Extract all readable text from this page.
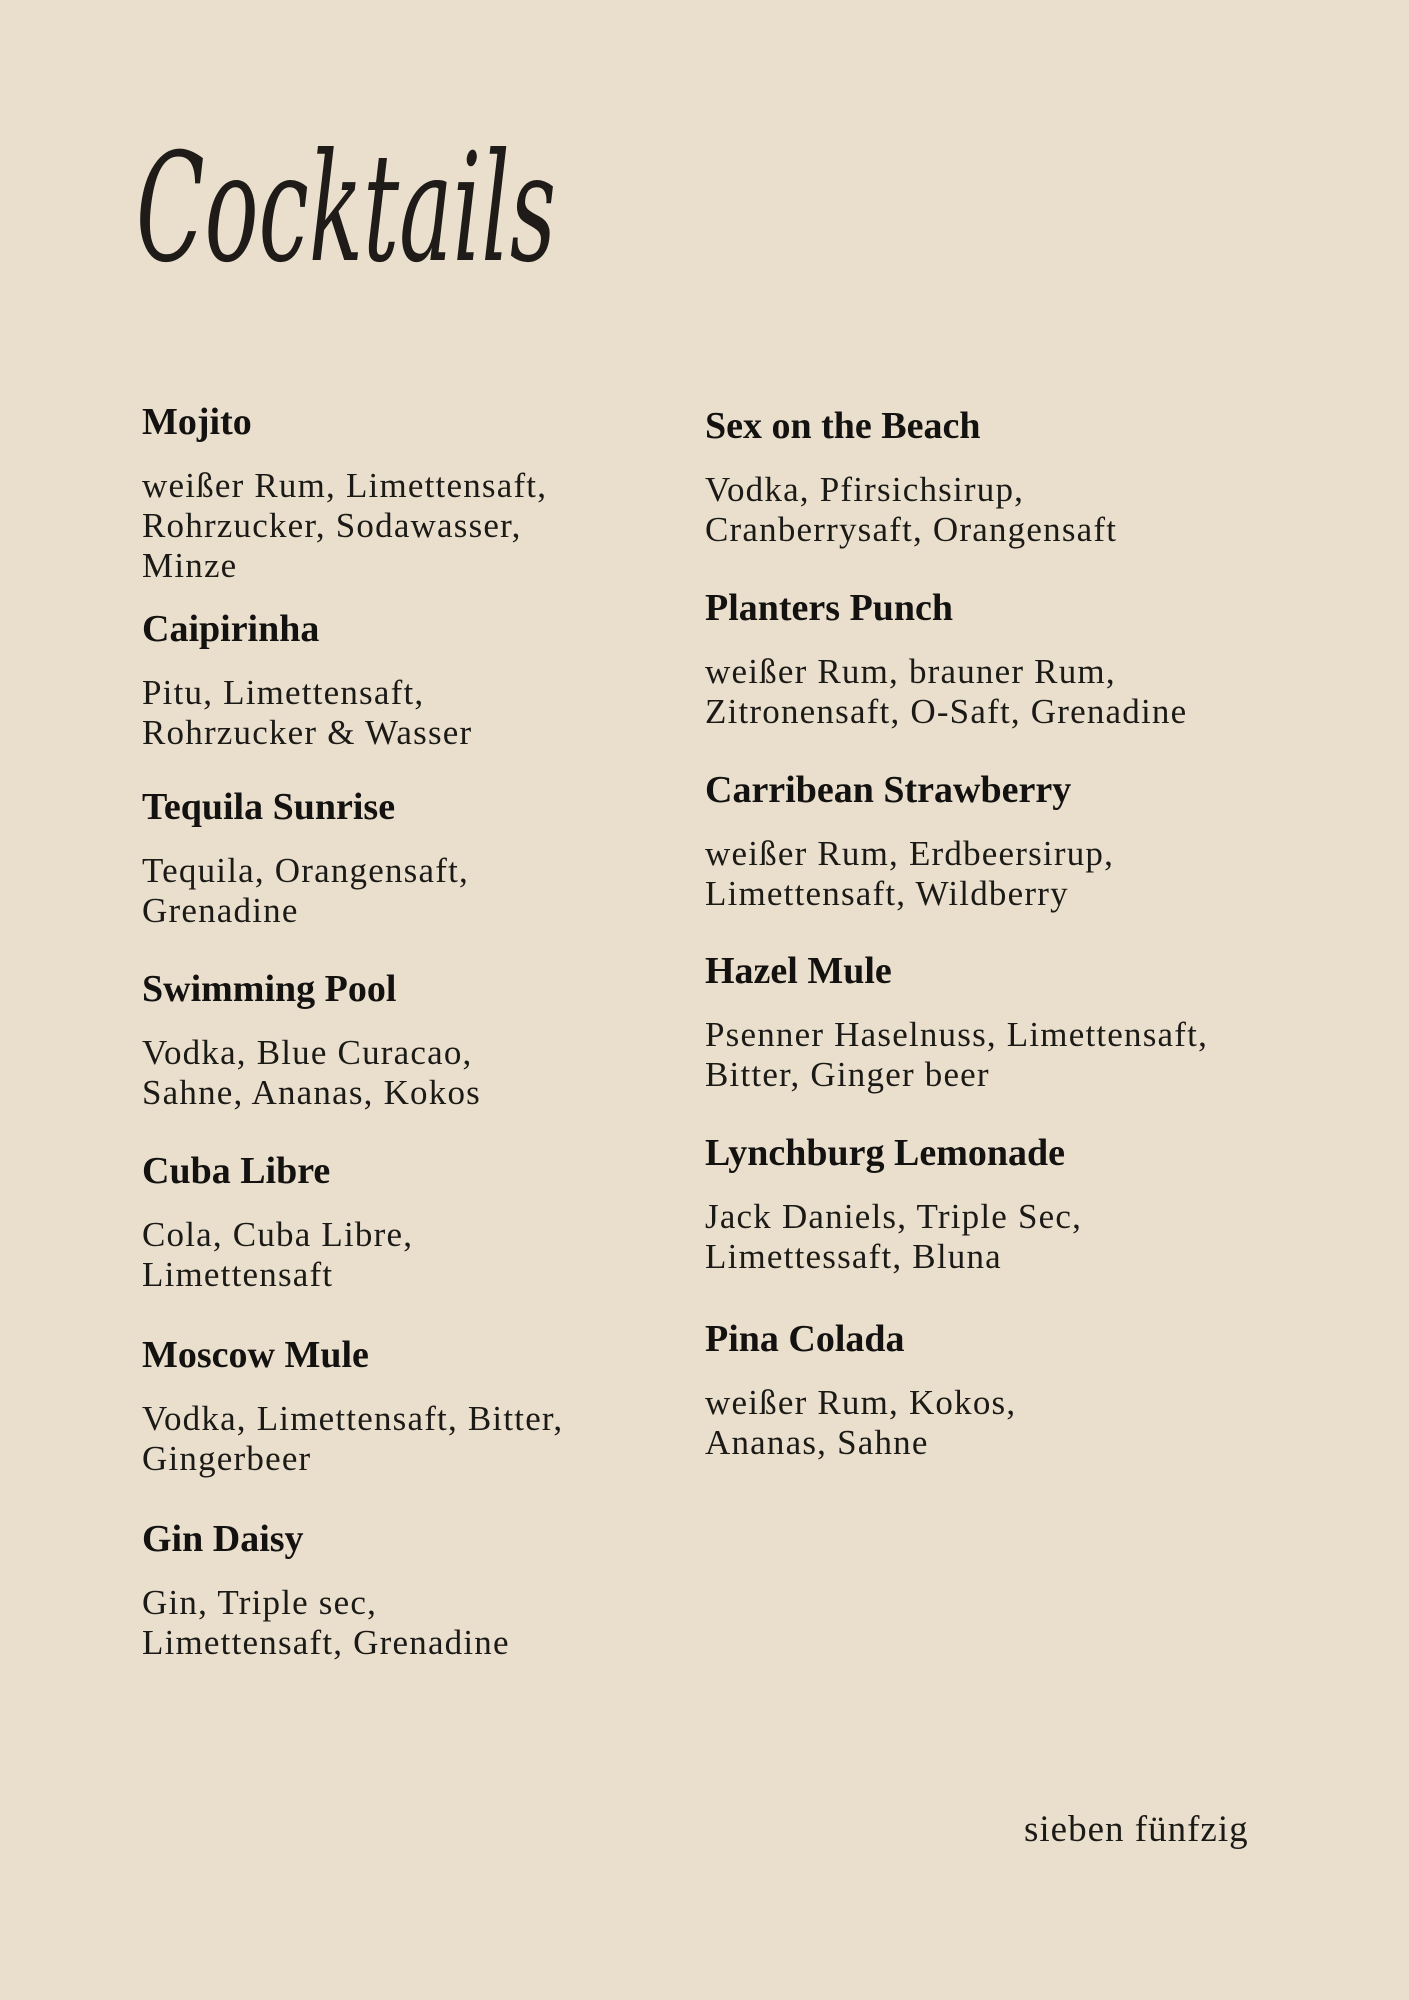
Cocktails

Mojito

weißer Rum, Limettensaft,
Rohrzucker, Sodawasser,
Minze

Caipirinha

Pitu, Limettensaft,
Rohrzucker & Wasser

Tequila Sunrise

Tequila, Orangensaft,
Grenadine

Swimming Pool

Vodka, Blue Curacao,
Sahne, Ananas, Kokos

Cuba Libre

Cola, Cuba Libre,
Limettensaft

Moscow Mule

Vodka, Limettensaft, Bitter,
Gingerbeer

Gin Daisy

Gin, Triple sec,
Limettensaft, Grenadine

Sex on the Beach

Vodka, Pfirsichsirup,
Cranberrysaft, Orangensaft

Planters Punch

weißer Rum, brauner Rum,
Zitronensaft, O-Saft, Grenadine

Carribean Strawberry

weißer Rum, Erdbeersirup,
Limettensaft, Wildberry

Hazel Mule

Psenner Haselnuss, Limettensaft,
Bitter, Ginger beer

Lynchburg Lemonade

Jack Daniels, Triple Sec,
Limettessaft, Bluna

Pina Colada

weißer Rum, Kokos,
Ananas, Sahne

sieben fünfzig
